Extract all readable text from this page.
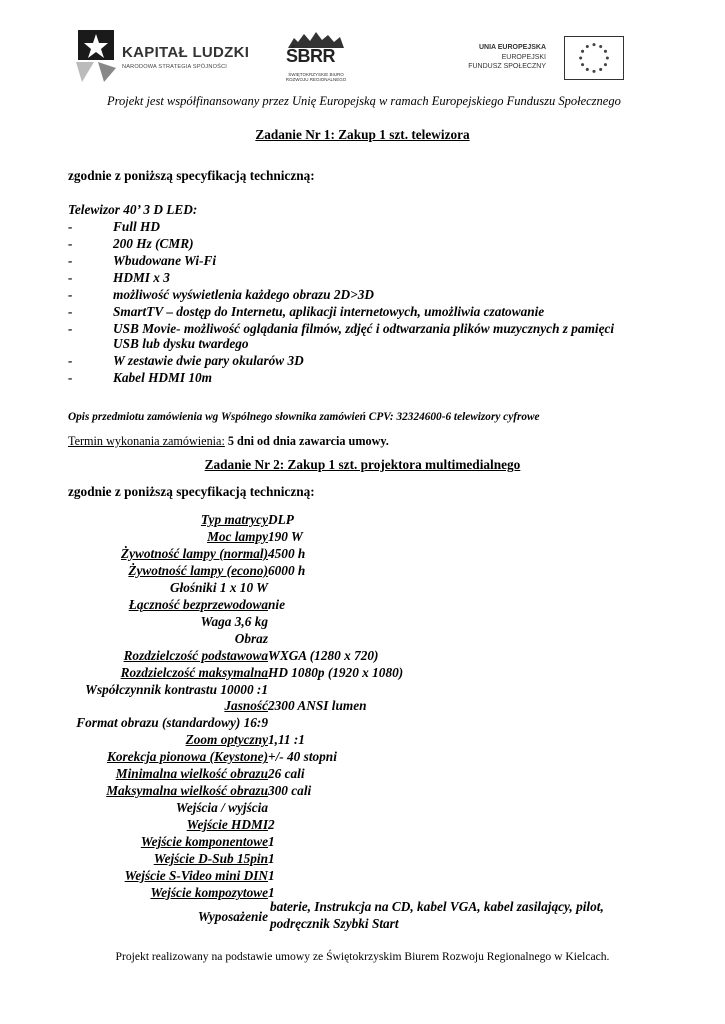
KAPITAŁ LUDZKI
NARODOWA STRATEGIA SPÓJNOŚCI
ŚBRR
ŚWIĘTOKRZYSKIE BIURO ROZWOJU REGIONALNEGO
UNIA EUROPEJSKA
EUROPEJSKI
FUNDUSZ SPOŁECZNY
Projekt jest współfinansowany przez Unię Europejską w ramach Europejskiego Funduszu Społecznego
Zadanie Nr 1: Zakup 1 szt. telewizora
zgodnie z poniższą specyfikacją techniczną:
Telewizor 40’ 3 D LED:
-	Full HD
-	200 Hz (CMR)
-	Wbudowane Wi-Fi
-	HDMI x 3
-	możliwość wyświetlenia każdego obrazu 2D>3D
-	SmartTV – dostęp do Internetu, aplikacji internetowych, umożliwia czatowanie
-	USB Movie- możliwość oglądania filmów, zdjęć i odtwarzania plików muzycznych z pamięci
USB lub dysku twardego
-	W zestawie dwie pary okularów 3D
-	Kabel HDMI 10m
Opis przedmiotu zamówienia wg Wspólnego słownika zamówień CPV: 32324600-6 telewizory cyfrowe
Termin wykonania zamówienia: 5 dni od dnia zawarcia umowy.
Zadanie Nr 2: Zakup 1 szt. projektora multimedialnego
zgodnie z poniższą specyfikacją techniczną:
Typ matrycy DLP
Moc lampy 190 W
Żywotność lampy (normal) 4500 h
Żywotność lampy (econo) 6000 h
Głośniki 1 x 10 W
Łączność bezprzewodowa nie
Waga 3,6 kg
Obraz
Rozdzielczość podstawowa WXGA (1280 x 720)
Rozdzielczość maksymalna HD 1080p (1920 x 1080)
Współczynnik kontrastu 10000 :1
Jasność 2300 ANSI lumen
Format obrazu (standardowy) 16:9
Zoom optyczny 1,11 :1
Korekcja pionowa (Keystone) +/- 40 stopni
Minimalna wielkość obrazu 26 cali
Maksymalna wielkość obrazu 300 cali
Wejścia / wyjścia
Wejście HDMI 2
Wejście komponentowe 1
Wejście D-Sub 15pin 1
Wejście S-Video mini DIN 1
Wejście kompozytowe 1
Wyposażenie
baterie, Instrukcja na CD, kabel VGA, kabel zasilający, pilot,
podręcznik Szybki Start
Projekt realizowany na podstawie umowy ze Świętokrzyskim Biurem Rozwoju Regionalnego w Kielcach.
